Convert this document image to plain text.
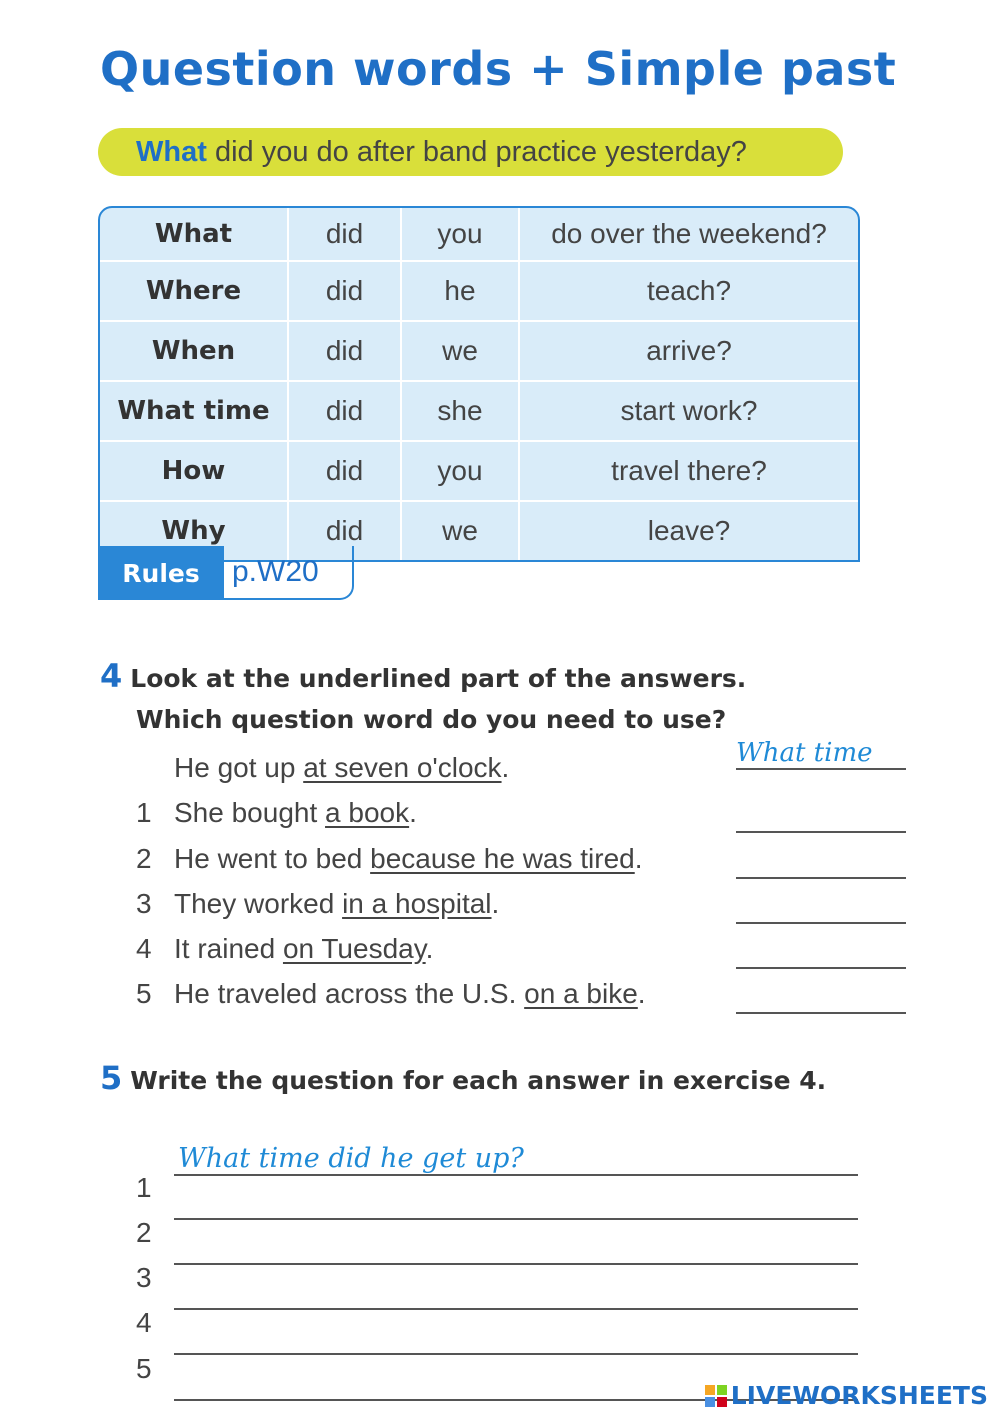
Question words + Simple past
What did you do after band practice yesterday?
What	did	you	do over the weekend?
Where	did	he	teach?
When	did	we	arrive?
What time	did	she	start work?
How	did	you	travel there?
Why	did	we	leave?
Rules	p.W20
4 Look at the underlined part of the answers.
Which question word do you need to use?
He got up at seven o'clock.	What time
1 She bought a book.
2 He went to bed because he was tired.
3 They worked in a hospital.
4 It rained on Tuesday.
5 He traveled across the U.S. on a bike.
5 Write the question for each answer in exercise 4.
What time did he get up?
1
2
3
4
5
LIVEWORKSHEETS
